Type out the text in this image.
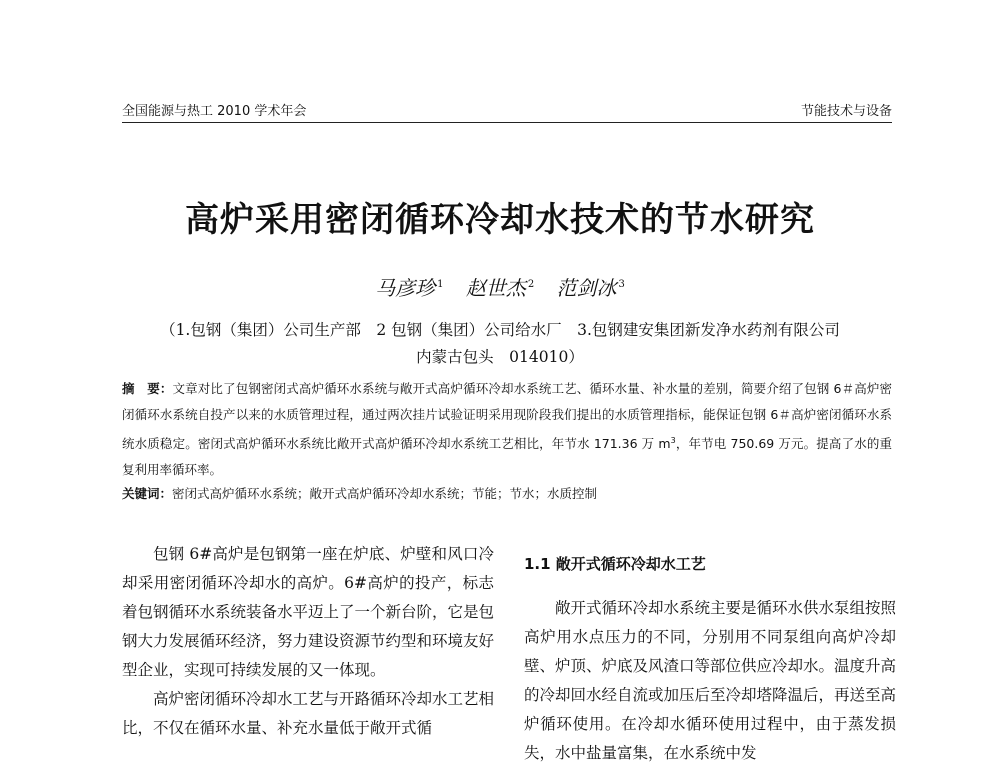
全国能源与热工 2010 学术年会	节能技术与设备
高炉采用密闭循环冷却水技术的节水研究
马彦珍 $^1$ 赵世杰 $^2$ 范剑冰 $^3$
（1.包钢（集团）公司生产部　2 包钢（集团）公司给水厂　3.包钢建安集团新发净水药剂有限公司
内蒙古包头　014010）
摘　要：文章对比了包钢密闭式高炉循环水系统与敞开式高炉循环冷却水系统工艺、循环水量、补水量的差别，简要介绍了包钢 6＃高炉密闭循环水系统自投产以来的水质管理过程，通过两次挂片试验证明采用现阶段我们提出的水质管理指标，能保证包钢 6＃高炉密闭循环水系统水质稳定。密闭式高炉循环水系统比敞开式高炉循环冷却水系统工艺相比，年节水 171.36 万 $m^3$，年节电 750.69 万元。提高了水的重复利用率循环率。
关键词：密闭式高炉循环水系统；敞开式高炉循环冷却水系统；节能；节水；水质控制

包钢 6#高炉是包钢第一座在炉底、炉壁和风口冷却采用密闭循环冷却水的高炉。6#高炉的投产，标志着包钢循环水系统装备水平迈上了一个新台阶，它是包钢大力发展循环经济，努力建设资源节约型和环境友好型企业，实现可持续发展的又一体现。

高炉密闭循环冷却水工艺与开路循环冷却水工艺相比，不仅在循环水量、补充水量低于敞开式循

1.1 敞开式循环冷却水工艺

敞开式循环冷却水系统主要是循环水供水泵组按照高炉用水点压力的不同，分别用不同泵组向高炉冷却壁、炉顶、炉底及风渣口等部位供应冷却水。温度升高的冷却回水经自流或加压后至冷却塔降温后，再送至高炉循环使用。在冷却水循环使用过程中，由于蒸发损失，水中盐量富集，在水系统中发
